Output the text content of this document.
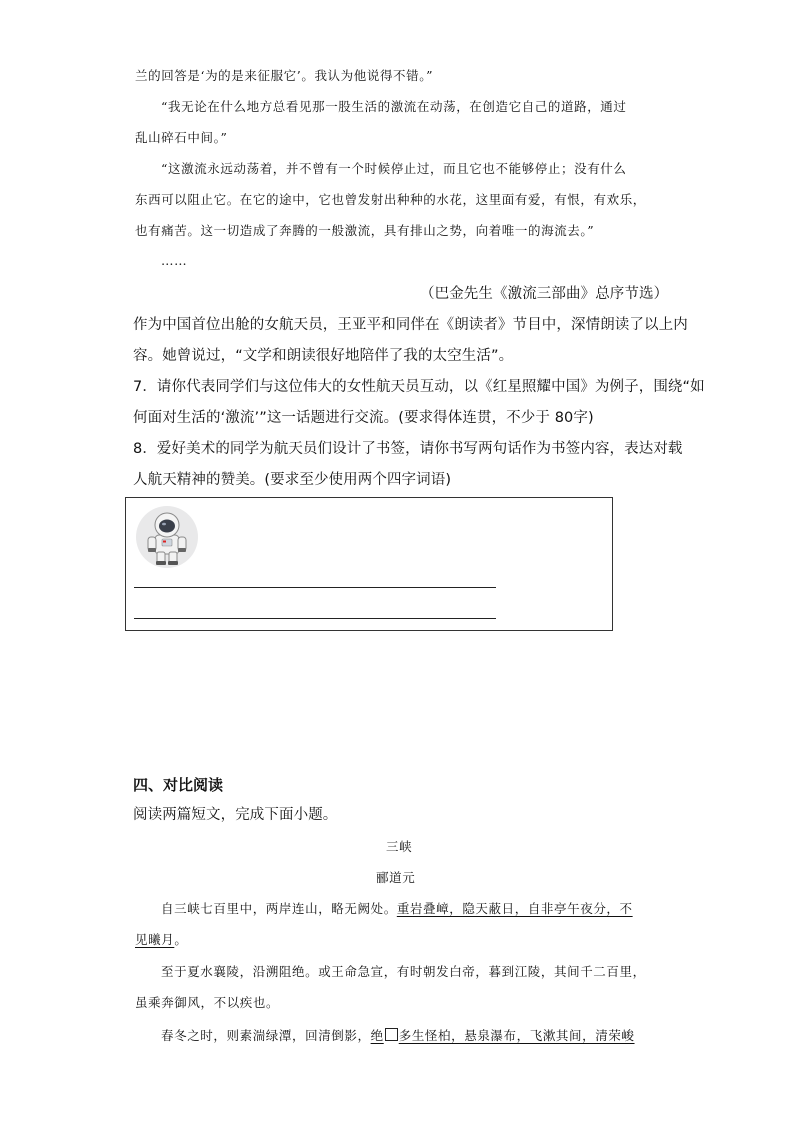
兰的回答是‘为的是来征服它’。我认为他说得不错。”
“我无论在什么地方总看见那一股生活的激流在动荡，在创造它自己的道路，通过
乱山碎石中间。”
“这激流永远动荡着，并不曾有一个时候停止过，而且它也不能够停止；没有什么
东西可以阻止它。在它的途中，它也曾发射出种种的水花，这里面有爱，有恨，有欢乐，
也有痛苦。这一切造成了奔腾的一般激流，具有排山之势，向着唯一的海流去。”
……
（巴金先生《激流三部曲》总序节选）
作为中国首位出舱的女航天员，王亚平和同伴在《朗读者》节目中，深情朗读了以上内
容。她曾说过，“文学和朗读很好地陪伴了我的太空生活”。
7．请你代表同学们与这位伟大的女性航天员互动，以《红星照耀中国》为例子，围绕“如
何面对生活的‘激流’”这一话题进行交流。(要求得体连贯，不少于 80字)
8．爱好美术的同学为航天员们设计了书签，请你书写两句话作为书签内容，表达对载
人航天精神的赞美。(要求至少使用两个四字词语)
四、对比阅读
阅读两篇短文，完成下面小题。
三峡
郦道元
自三峡七百里中，两岸连山，略无阙处。重岩叠嶂，隐天蔽日，自非亭午夜分，不
见曦月。
至于夏水襄陵，沿溯阻绝。或王命急宣，有时朝发白帝，暮到江陵，其间千二百里，
虽乘奔御风，不以疾也。
春冬之时，则素湍绿潭，回清倒影，绝 多生怪柏，悬泉瀑布，飞漱其间，清荣峻
